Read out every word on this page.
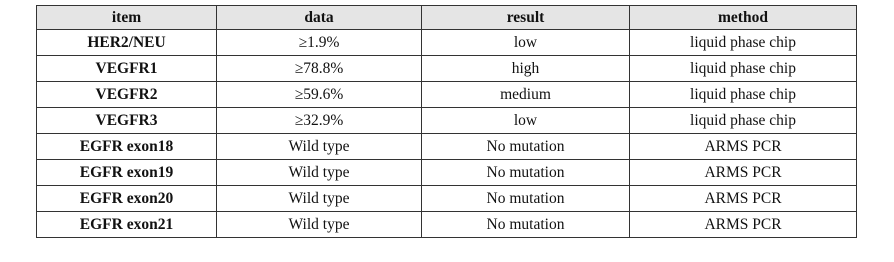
item	data	result	method
HER2/NEU	≥1.9%	low	liquid phase chip
VEGFR1	≥78.8%	high	liquid phase chip
VEGFR2	≥59.6%	medium	liquid phase chip
VEGFR3	≥32.9%	low	liquid phase chip
EGFR exon18	Wild type	No mutation	ARMS PCR
EGFR exon19	Wild type	No mutation	ARMS PCR
EGFR exon20	Wild type	No mutation	ARMS PCR
EGFR exon21	Wild type	No mutation	ARMS PCR
